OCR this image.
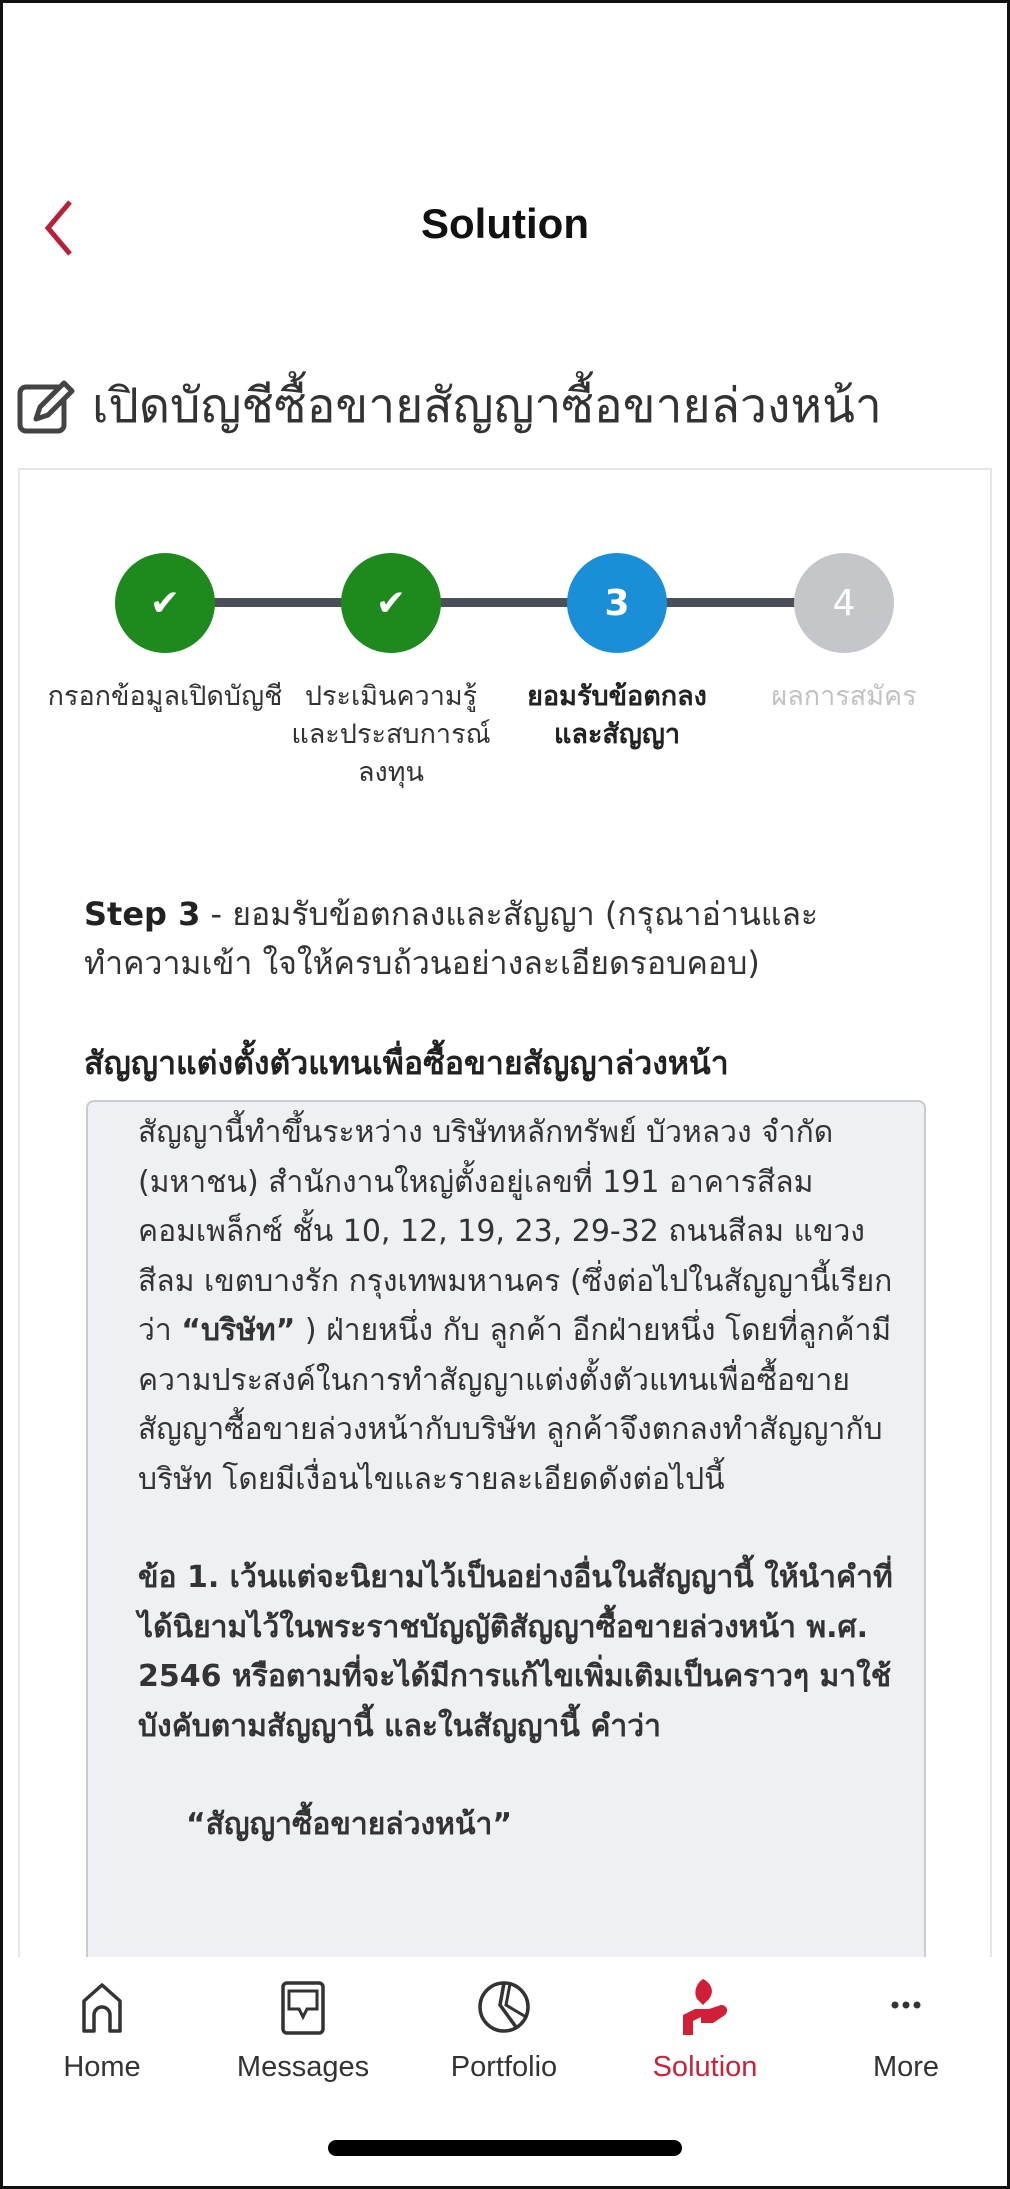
Solution
เปิดบัญชีซื้อขายสัญญาซื้อขายล่วงหน้า
✔	✔	3	4
กรอกข้อมูลเปิดบัญชี ประเมินความรู้และประสบการณ์ลงทุน
ยอมรับข้อตกลงและสัญญา
ผลการสมัคร
Step 3 - ยอมรับข้อตกลงและสัญญา (กรุณาอ่านและทำความเข้า ใจให้ครบถ้วนอย่างละเอียดรอบคอบ)
สัญญาแต่งตั้งตัวแทนเพื่อซื้อขายสัญญาล่วงหน้า

สัญญานี้ทำขึ้นระหว่าง บริษัทหลักทรัพย์ บัวหลวง จำกัด (มหาชน) สำนักงานใหญ่ตั้งอยู่เลขที่ 191 อาคารสีลมคอมเพล็กซ์ ชั้น 10, 12, 19, 23, 29-32 ถนนสีลม แขวงสีลม เขตบางรัก กรุงเทพมหานคร (ซึ่งต่อไปในสัญญานี้เรียกว่า “บริษัท” ) ฝ่ายหนึ่ง กับ ลูกค้า อีกฝ่ายหนึ่ง โดยที่ลูกค้ามีความประสงค์ในการทำสัญญาแต่งตั้งตัวแทนเพื่อซื้อขายสัญญาซื้อขายล่วงหน้ากับบริษัท ลูกค้าจึงตกลงทำสัญญากับบริษัท โดยมีเงื่อนไขและรายละเอียดดังต่อไปนี้

ข้อ 1. เว้นแต่จะนิยามไว้เป็นอย่างอื่นในสัญญานี้ ให้นำคำที่ได้นิยามไว้ในพระราชบัญญัติสัญญาซื้อขายล่วงหน้า พ.ศ. 2546 หรือตามที่จะได้มีการแก้ไขเพิ่มเติมเป็นคราวๆ มาใช้บังคับตามสัญญานี้ และในสัญญานี้ คำว่า

“สัญญาซื้อขายล่วงหน้า”
Home	Messages	Portfolio	Solution	More
